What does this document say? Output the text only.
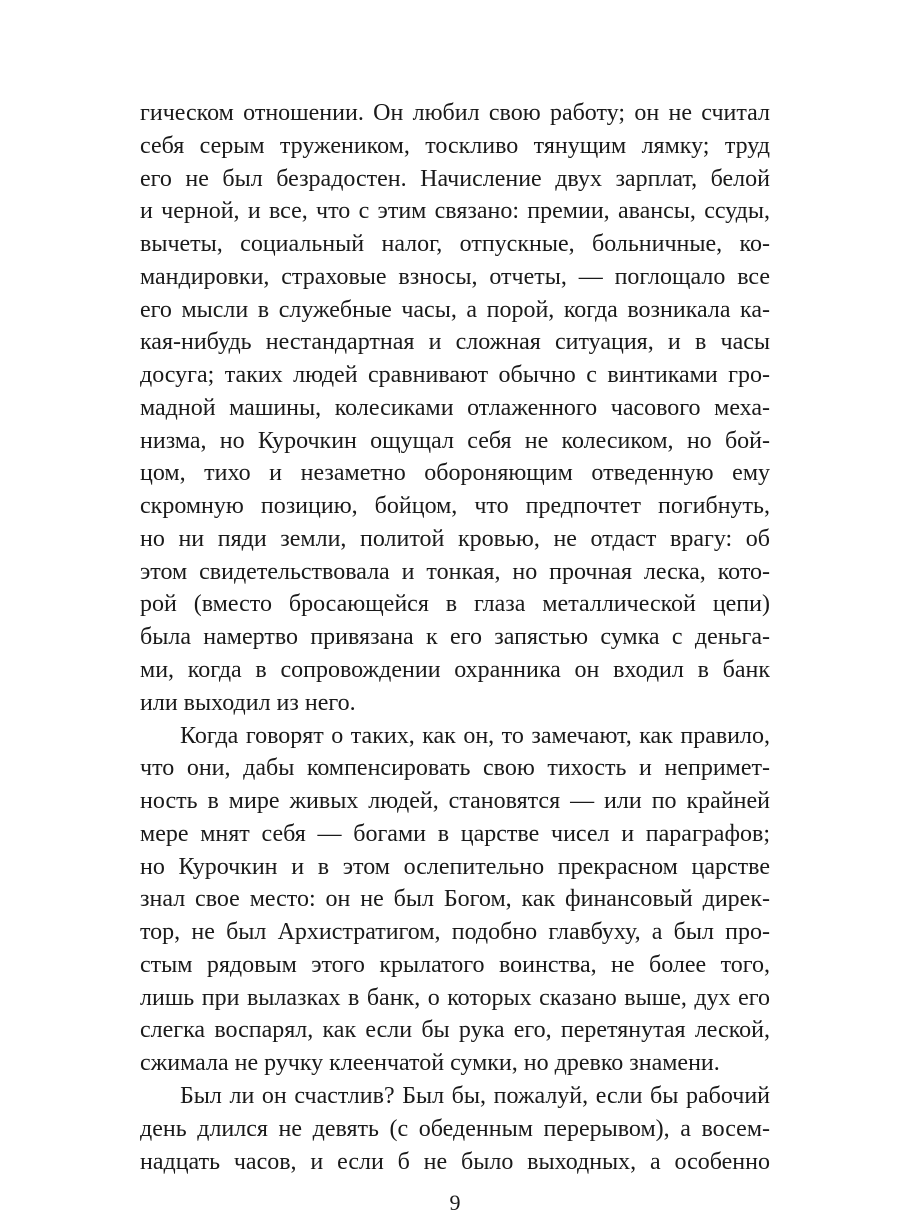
гическом отношении. Он любил свою работу; он не считал
себя серым тружеником, тоскливо тянущим лямку; труд
его не был безрадостен. Начисление двух зарплат, белой
и черной, и все, что с этим связано: премии, авансы, ссуды,
вычеты, социальный налог, отпускные, больничные, ко-
мандировки, страховые взносы, отчеты, — поглощало все
его мысли в служебные часы, а порой, когда возникала ка-
кая-нибудь нестандартная и сложная ситуация, и в часы
досуга; таких людей сравнивают обычно с винтиками гро-
мадной машины, колесиками отлаженного часового меха-
низма, но Курочкин ощущал себя не колесиком, но бой-
цом, тихо и незаметно обороняющим отведенную ему
скромную позицию, бойцом, что предпочтет погибнуть,
но ни пяди земли, политой кровью, не отдаст врагу: об
этом свидетельствовала и тонкая, но прочная леска, кото-
рой (вместо бросающейся в глаза металлической цепи)
была намертво привязана к его запястью сумка с деньга-
ми, когда в сопровождении охранника он входил в банк
или выходил из него.
Когда говорят о таких, как он, то замечают, как правило,
что они, дабы компенсировать свою тихость и непримет-
ность в мире живых людей, становятся — или по крайней
мере мнят себя — богами в царстве чисел и параграфов;
но Курочкин и в этом ослепительно прекрасном царстве
знал свое место: он не был Богом, как финансовый дирек-
тор, не был Архистратигом, подобно главбуху, а был про-
стым рядовым этого крылатого воинства, не более того,
лишь при вылазках в банк, о которых сказано выше, дух его
слегка воспарял, как если бы рука его, перетянутая леской,
сжимала не ручку клеенчатой сумки, но древко знамени.
Был ли он счастлив? Был бы, пожалуй, если бы рабочий
день длился не девять (с обеденным перерывом), а восем-
надцать часов, и если б не было выходных, а особенно
9
